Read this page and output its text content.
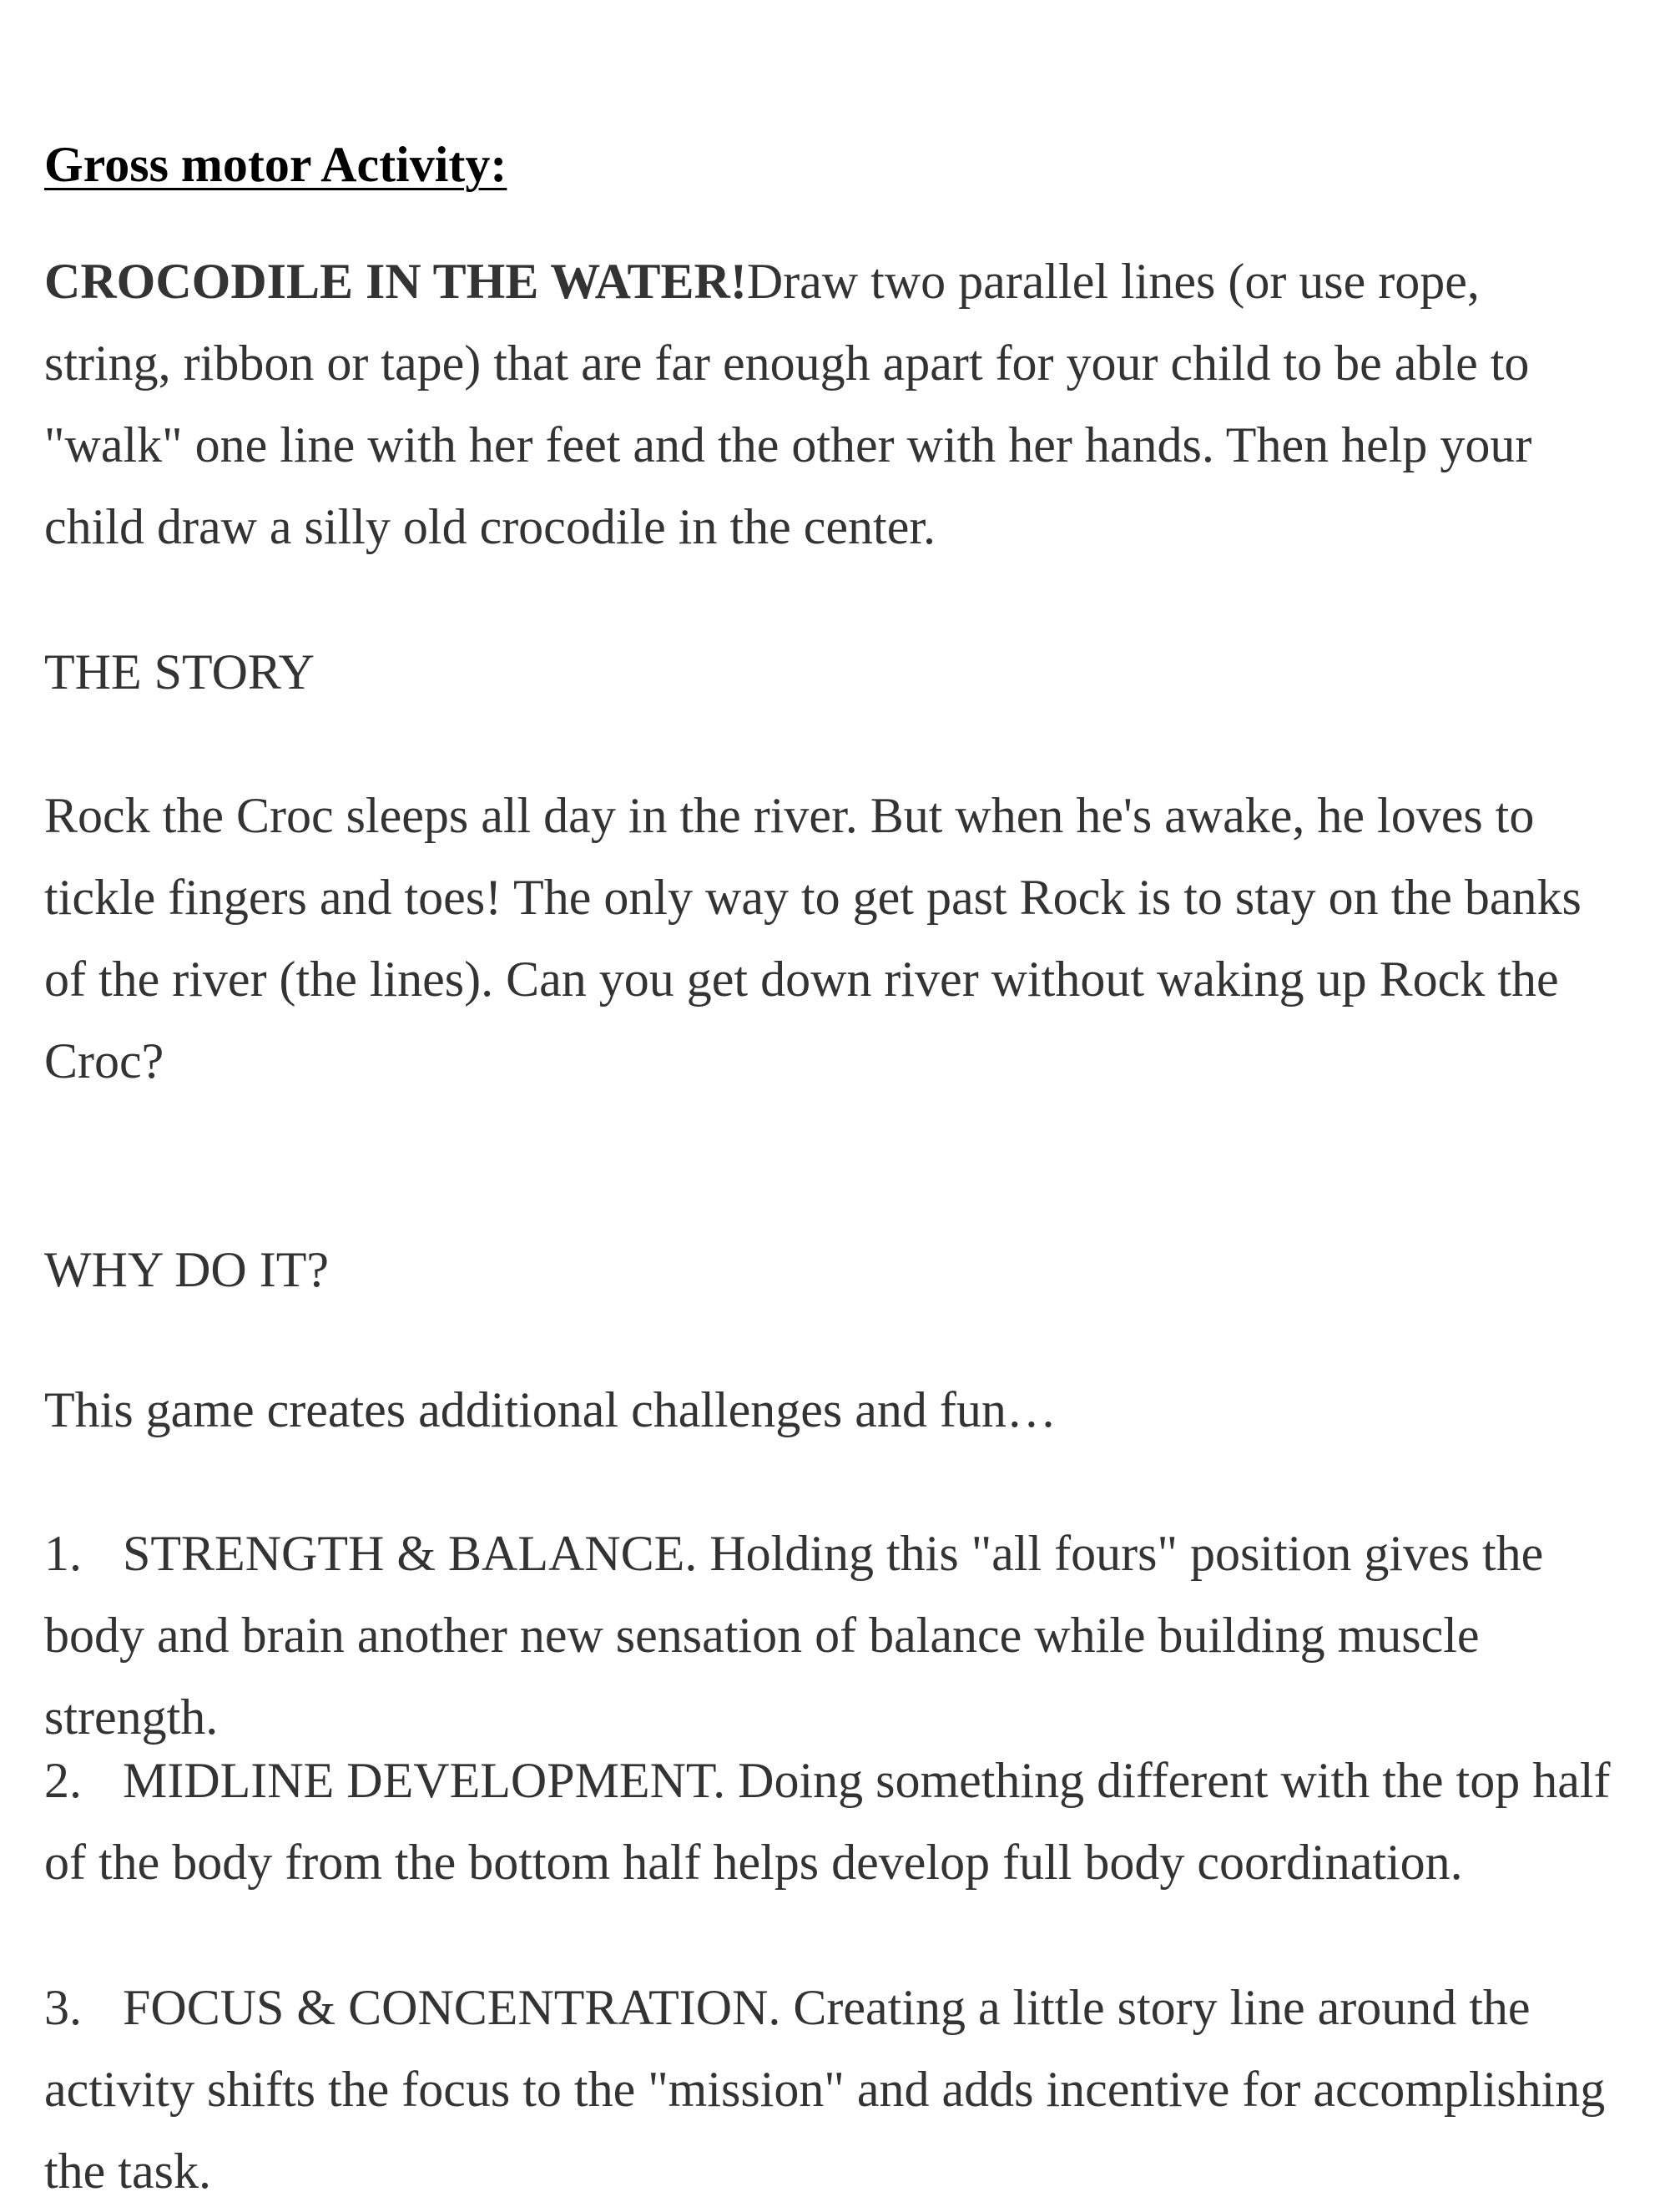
Gross motor Activity:

CROCODILE IN THE WATER!Draw two parallel lines (or use rope, string, ribbon or tape) that are far enough apart for your child to be able to "walk" one line with her feet and the other with her hands. Then help your child draw a silly old crocodile in the center.

THE STORY

Rock the Croc sleeps all day in the river. But when he's awake, he loves to tickle fingers and toes! The only way to get past Rock is to stay on the banks of the river (the lines). Can you get down river without waking up Rock the Croc?

WHY DO IT?

This game creates additional challenges and fun…

1. STRENGTH & BALANCE. Holding this "all fours" position gives the body and brain another new sensation of balance while building muscle strength.

2. MIDLINE DEVELOPMENT. Doing something different with the top half of the body from the bottom half helps develop full body coordination.

3. FOCUS & CONCENTRATION. Creating a little story line around the activity shifts the focus to the "mission" and adds incentive for accomplishing the task.
